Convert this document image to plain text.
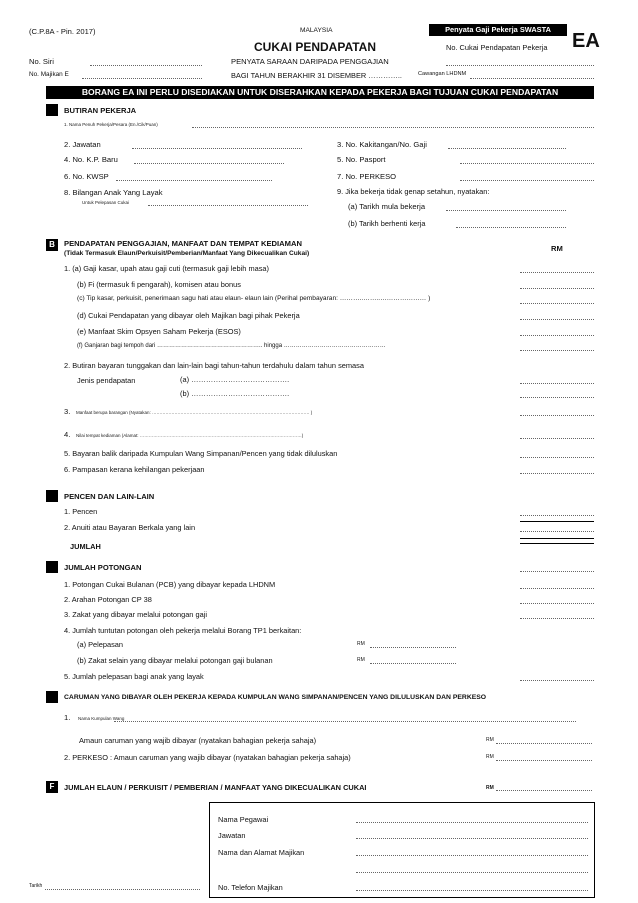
(C.P.8A - Pin. 2017)	MALAYSIA	Penyata Gaji Pekerja SWASTA
EA
CUKAI PENDAPATAN	No. Cukai Pendapatan Pekerja
No. Siri	PENYATA SARAAN DARIPADA PENGGAJIAN
No. Majikan E	BAGI TAHUN BERAKHIR 31 DISEMBER …………..	Cawangan LHDNM
BORANG EA INI PERLU DISEDIAKAN UNTUK DISERAHKAN KEPADA PEKERJA BAGI TUJUAN CUKAI PENDAPATAN
BUTIRAN PEKERJA
1. Nama Penuh Pekerja/Pesara (En./Cik/Puan)
2. Jawatan	3. No. Kakitangan/No. Gaji
4. No. K.P. Baru	5. No. Pasport
6. No. KWSP	7. No. PERKESO
8. Bilangan Anak Yang Layak
Untuk Pelepasan Cukai
9. Jika bekerja tidak genap setahun, nyatakan:
(a) Tarikh mula bekerja
(b) Tarikh berhenti kerja
B	PENDAPATAN PENGGAJIAN, MANFAAT DAN TEMPAT KEDIAMAN
(Tidak Termasuk Elaun/Perkuisit/Pemberian/Manfaat Yang Dikecualikan Cukai)
RM
1. (a) Gaji kasar, upah atau gaji cuti (termasuk gaji lebih masa)
(b) Fi (termasuk fi pengarah), komisen atau bonus
(c) Tip kasar, perkuisit, penerimaan sagu hati atau elaun- elaun lain (Perihal pembayaran: ………..……..………………… )
(d) Cukai Pendapatan yang dibayar oleh Majikan bagi pihak Pekerja
(e) Manfaat Skim Opsyen Saham Pekerja (ESOS)
(f) Ganjaran bagi tempoh dari …………………………………………….. hingga ……………………………………………
2. Butiran bayaran tunggakan dan lain-lain bagi tahun-tahun terdahulu dalam tahun semasa
Jenis pendapatan	(a) ………………………………….
(b) ………………………………….
3. Manfaat berupa barangan (Nyatakan: …………………………………………………………………………………………… )
4. Nilai tempat kediaman (Alamat: ………………………………………………………………………………………………)
5. Bayaran balik daripada Kumpulan Wang Simpanan/Pencen yang tidak diluluskan
6. Pampasan kerana kehilangan pekerjaan
PENCEN DAN LAIN-LAIN
1. Pencen
2. Anuiti atau Bayaran Berkala yang lain
JUMLAH
JUMLAH POTONGAN
1. Potongan Cukai Bulanan (PCB) yang dibayar kepada LHDNM
2. Arahan Potongan CP 38
3. Zakat yang dibayar melalui potongan gaji
4. Jumlah tuntutan potongan oleh pekerja melalui Borang TP1 berkaitan:
(a) Pelepasan	RM
(b) Zakat selain yang dibayar melalui potongan gaji bulanan	RM
5. Jumlah pelepasan bagi anak yang layak
CARUMAN YANG DIBAYAR OLEH PEKERJA KEPADA KUMPULAN WANG SIMPANAN/PENCEN YANG DILULUSKAN DAN PERKESO
1. Nama Kumpulan Wang
Amaun caruman yang wajib dibayar (nyatakan bahagian pekerja sahaja)	RM
2. PERKESO : Amaun caruman yang wajib dibayar (nyatakan bahagian pekerja sahaja)	RM
F	JUMLAH ELAUN / PERKUISIT / PEMBERIAN / MANFAAT YANG DIKECUALIKAN CUKAI	RM
Nama Pegawai
Jawatan
Nama dan Alamat Majikan
No. Telefon Majikan
Tarikh
